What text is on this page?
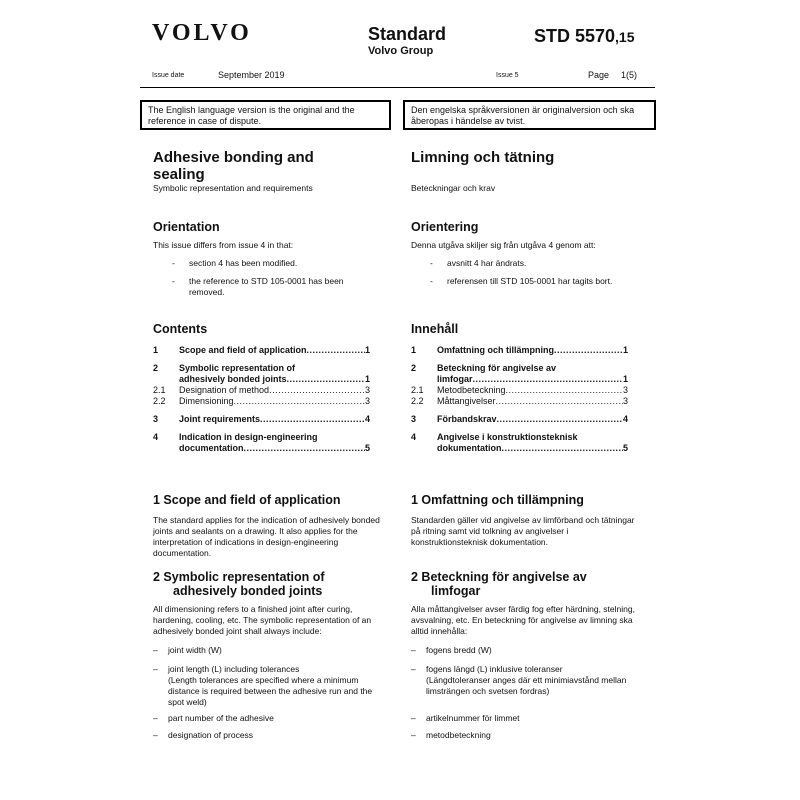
VOLVO	Standard
Volvo Group
STD 5570,15
Issue date	September 2019	Issue 5	Page 1(5)
The English language version is the original and the reference in case of dispute.
Den engelska språkversionen är originalversion och ska åberopas i händelse av tvist.
Adhesive bonding and
sealing
Symbolic representation and requirements
Orientation
This issue differs from issue 4 in that:
- section 4 has been modified.
- the reference to STD 105-0001 has been removed.
Contents
1	Scope and field of application .....	1
2	Symbolic representation of
adhesively bonded joints .....	1
2.1	Designation of method .....	3
2.2	Dimensioning .....	3
3	Joint requirements .....	4
4	Indication in design-engineering
documentation .....	5
1 Scope and field of application
The standard applies for the indication of adhesively bonded joints and sealants on a drawing. It also applies for the interpretation of indications in design-engineering documentation.
2 Symbolic representation of
adhesively bonded joints
All dimensioning refers to a finished joint after curing, hardening, cooling, etc. The symbolic representation of an adhesively bonded joint shall always include:
– joint width (W)
– joint length (L) including tolerances
(Length tolerances are specified where a minimum distance is required between the adhesive run and the spot weld)
– part number of the adhesive
– designation of process
Limning och tätning
Beteckningar och krav
Orientering
Denna utgåva skiljer sig från utgåva 4 genom att:
- avsnitt 4 har ändrats.
- referensen till STD 105-0001 har tagits bort.
Innehåll
1	Omfattning och tillämpning .....	1
2	Beteckning för angivelse av
limfogar .....	1
2.1	Metodbeteckning .....	3
2.2	Måttangivelser .....	3
3	Förbandskrav .....	4
4	Angivelse i konstruktionsteknisk
dokumentation .....	5
1 Omfattning och tillämpning
Standarden gäller vid angivelse av limförband och tätningar på ritning samt vid tolkning av angivelser i konstruktionsteknisk dokumentation.
2 Beteckning för angivelse av
limfogar
Alla måttangivelser avser färdig fog efter härdning, stelning, avsvalning, etc. En beteckning för angivelse av limning ska alltid innehålla:
– fogens bredd (W)
– fogens längd (L) inklusive toleranser
(Längdtoleranser anges där ett minimiavstånd mellan limsträngen och svetsen fordras)
– artikelnummer för limmet
– metodbeteckning
